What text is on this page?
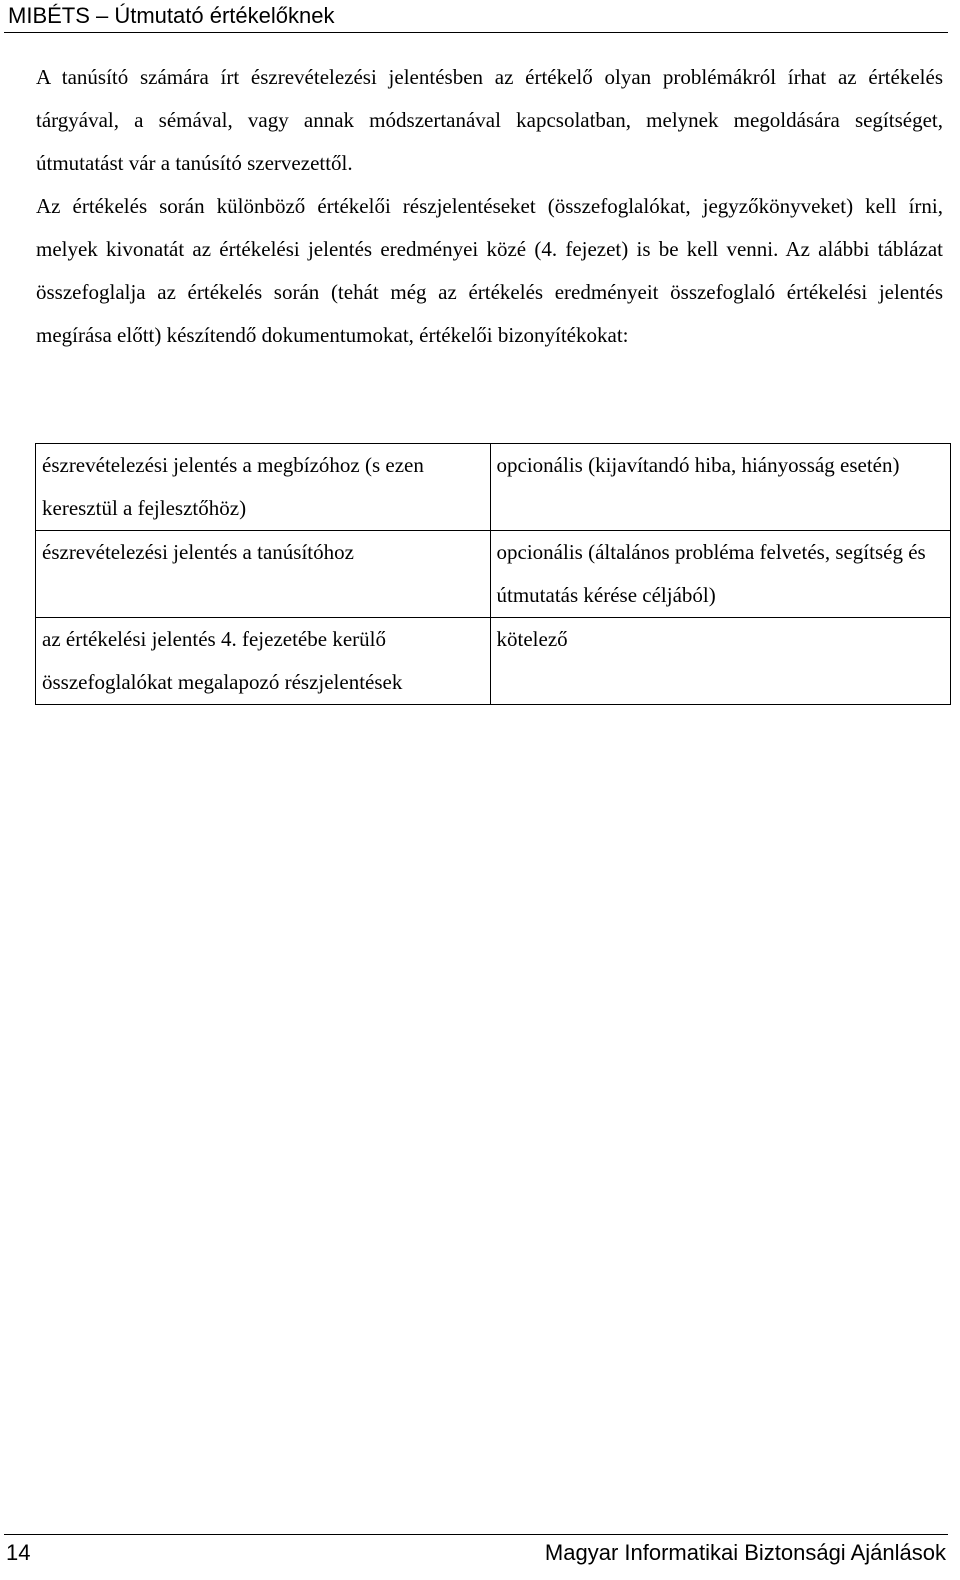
MIBÉTS – Útmutató értékelőknek

A tanúsító számára írt észrevételezési jelentésben az értékelő olyan problémákról írhat az értékelés tárgyával, a sémával, vagy annak módszertanával kapcsolatban, melynek megoldására segítséget, útmutatást vár a tanúsító szervezettől.

Az értékelés során különböző értékelői részjelentéseket (összefoglalókat, jegyzőkönyveket) kell írni, melyek kivonatát az értékelési jelentés eredményei közé (4. fejezet) is be kell venni. Az alábbi táblázat összefoglalja az értékelés során (tehát még az értékelés eredményeit összefoglaló értékelési jelentés megírása előtt) készítendő dokumentumokat, értékelői bizonyítékokat:

észrevételezési jelentés a megbízóhoz (s ezen keresztül a fejlesztőhöz)	opcionális (kijavítandó hiba, hiányosság esetén)
észrevételezési jelentés a tanúsítóhoz	opcionális (általános probléma felvetés, segítség és útmutatás kérése céljából)
az értékelési jelentés 4. fejezetébe kerülő összefoglalókat megalapozó részjelentések	kötelező
14	Magyar Informatikai Biztonsági Ajánlások
